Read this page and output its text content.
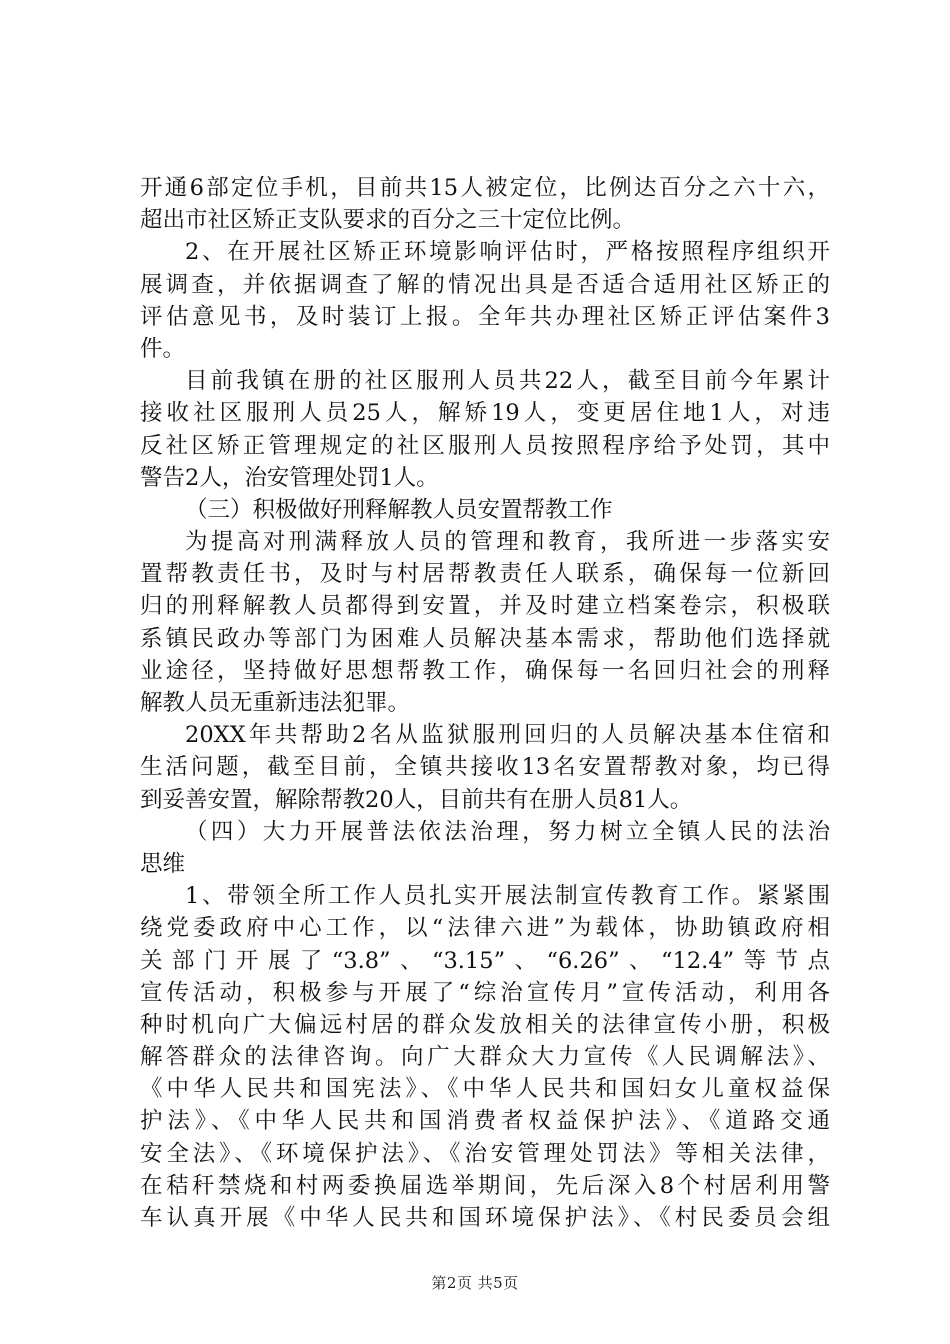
开通6部定位手机，目前共15人被定位，比例达百分之六十六，
超出市社区矫正支队要求的百分之三十定位比例。

2、在开展社区矫正环境影响评估时，严格按照程序组织开
展调查，并依据调查了解的情况出具是否适合适用社区矫正的
评估意见书，及时装订上报。全年共办理社区矫正评估案件3
件。

目前我镇在册的社区服刑人员共22人，截至目前今年累计
接收社区服刑人员25人，解矫19人，变更居住地1人，对违
反社区矫正管理规定的社区服刑人员按照程序给予处罚，其中
警告2人，治安管理处罚1人。

（三）积极做好刑释解教人员安置帮教工作

为提高对刑满释放人员的管理和教育，我所进一步落实安
置帮教责任书，及时与村居帮教责任人联系，确保每一位新回
归的刑释解教人员都得到安置，并及时建立档案卷宗，积极联
系镇民政办等部门为困难人员解决基本需求，帮助他们选择就
业途径，坚持做好思想帮教工作，确保每一名回归社会的刑释
解教人员无重新违法犯罪。

20XX年共帮助2名从监狱服刑回归的人员解决基本住宿和
生活问题，截至目前，全镇共接收13名安置帮教对象，均已得
到妥善安置，解除帮教20人，目前共有在册人员81人。

（四）大力开展普法依法治理，努力树立全镇人民的法治
思维

1、带领全所工作人员扎实开展法制宣传教育工作。紧紧围
绕党委政府中心工作，以“法律六进”为载体，协助镇政府相
关部门开展了“3.8”、“3.15”、“6.26”、“12.4”等节点
宣传活动，积极参与开展了“综治宣传月”宣传活动，利用各
种时机向广大偏远村居的群众发放相关的法律宣传小册，积极
解答群众的法律咨询。向广大群众大力宣传《人民调解法》、
《中华人民共和国宪法》、《中华人民共和国妇女儿童权益保
护法》、《中华人民共和国消费者权益保护法》、《道路交通
安全法》、《环境保护法》、《治安管理处罚法》等相关法律，
在秸秆禁烧和村两委换届选举期间，先后深入8个村居利用警
车认真开展《中华人民共和国环境保护法》、《村民委员会组

第2页 共5页
